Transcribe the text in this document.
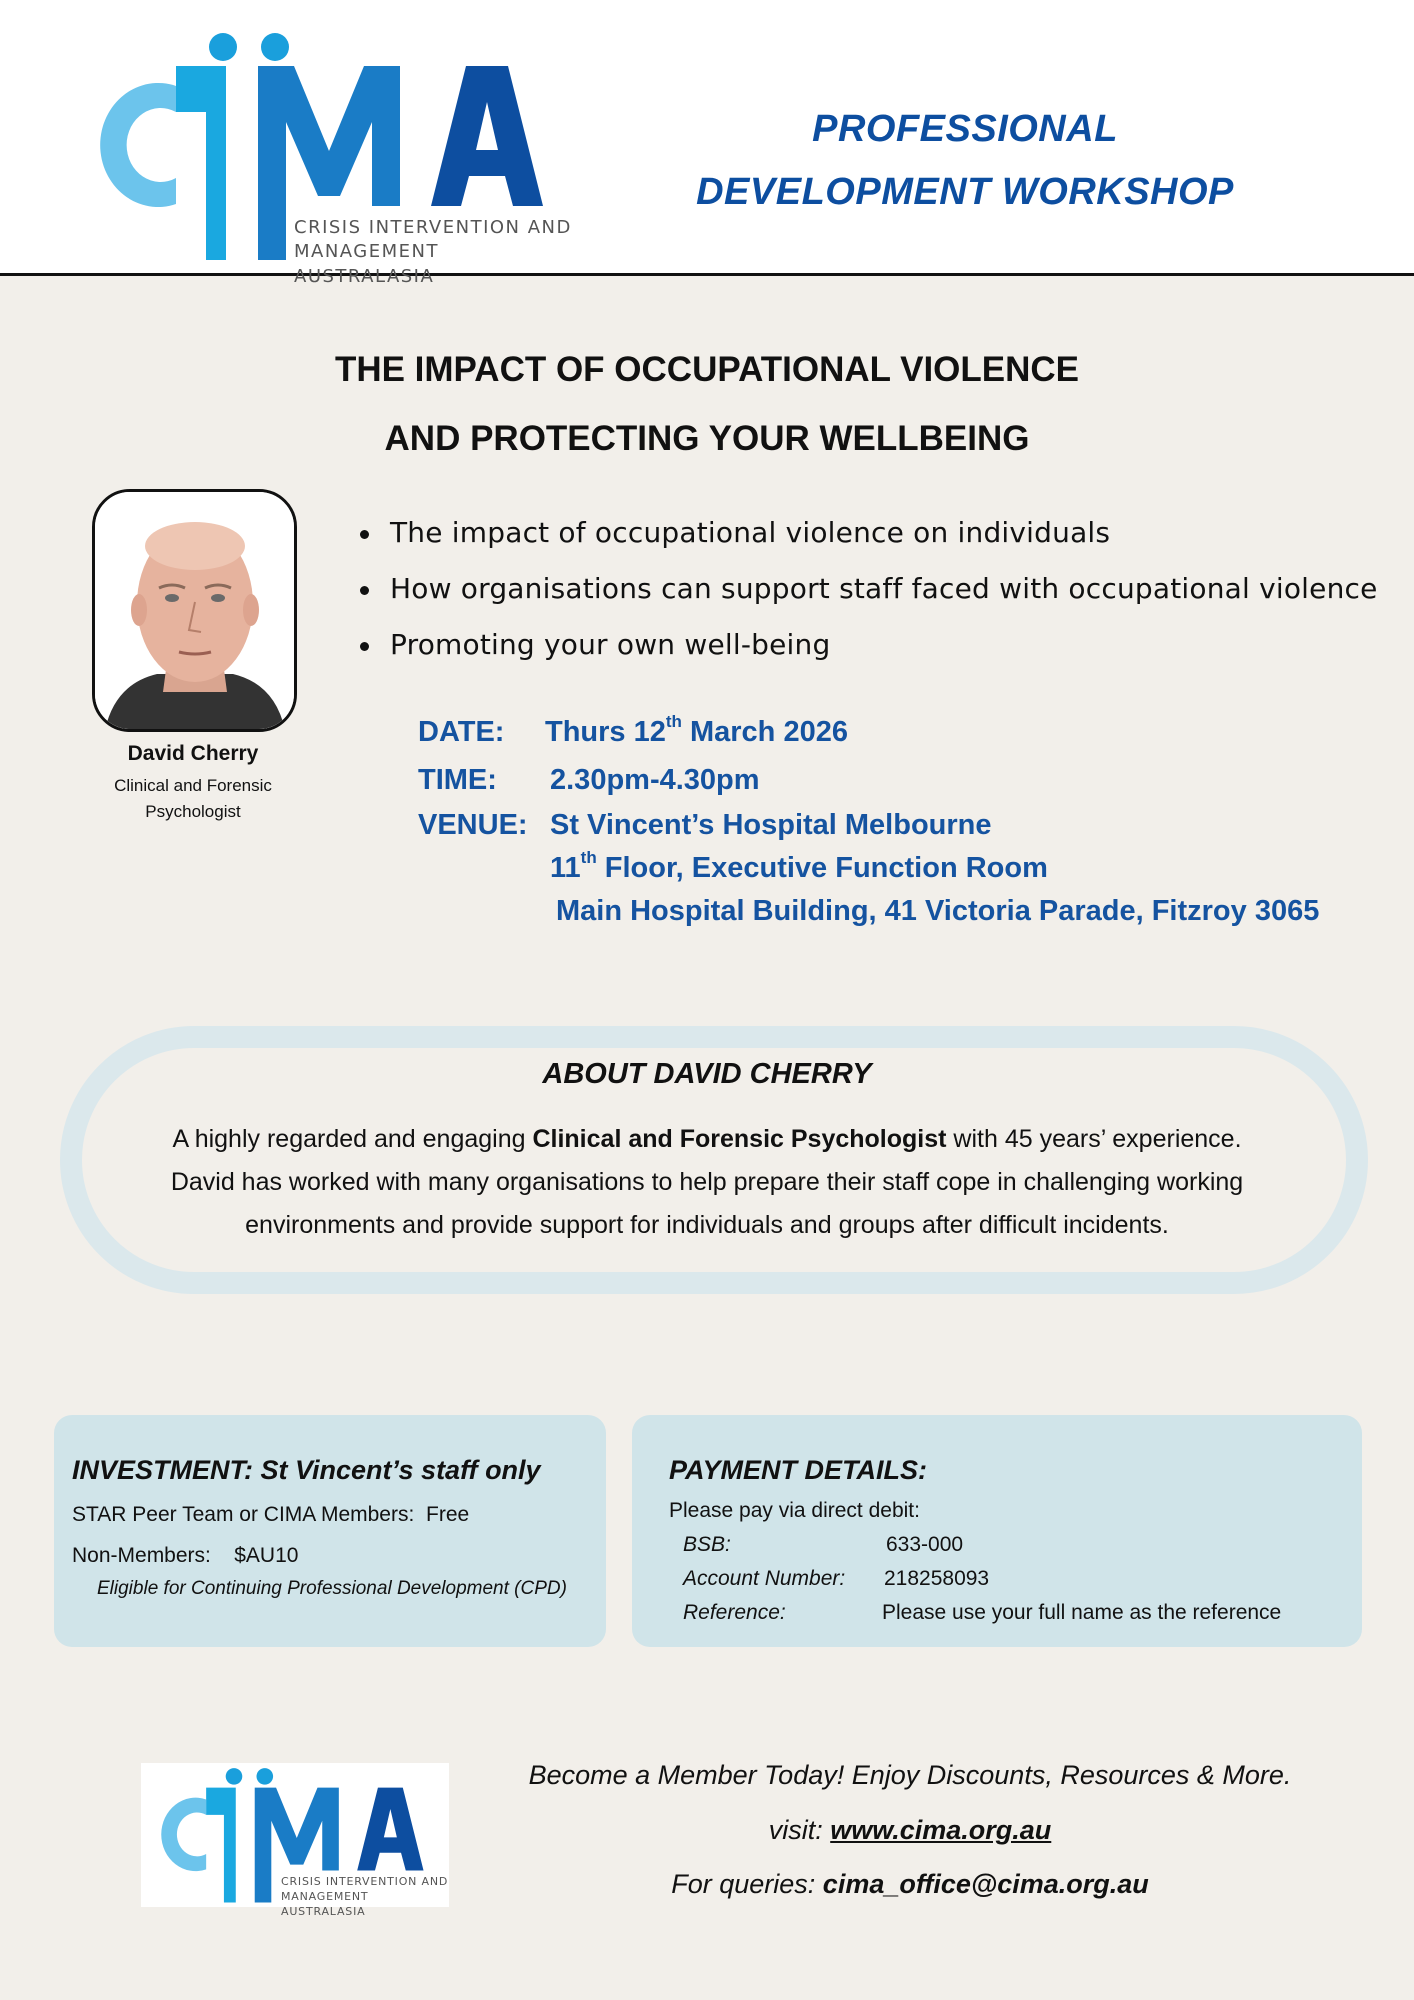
CRISIS INTERVENTION AND
MANAGEMENT AUSTRALASIA
PROFESSIONAL
DEVELOPMENT WORKSHOP
THE IMPACT OF OCCUPATIONAL VIOLENCE
AND PROTECTING YOUR WELLBEING
David Cherry
Clinical and Forensic
Psychologist
The impact of occupational violence on individuals
How organisations can support staff faced with occupational violence
Promoting your own well-being
DATE: Thurs 12th March 2026
TIME: 2.30pm-4.30pm
VENUE: St Vincent’s Hospital Melbourne
11th Floor, Executive Function Room
Main Hospital Building, 41 Victoria Parade, Fitzroy 3065
ABOUT DAVID CHERRY
A highly regarded and engaging Clinical and Forensic Psychologist with 45 years’ experience.
David has worked with many organisations to help prepare their staff cope in challenging working
environments and provide support for individuals and groups after difficult incidents.
INVESTMENT: St Vincent’s staff only
STAR Peer Team or CIMA Members: Free
Non-Members: $AU10
Eligible for Continuing Professional Development (CPD)
PAYMENT DETAILS:
Please pay via direct debit:
BSB:	633-000
Account Number: 218258093
Reference:	Please use your full name as the reference
CRISIS INTERVENTION AND
MANAGEMENT AUSTRALASIA
Become a Member Today! Enjoy Discounts, Resources & More.
visit: www.cima.org.au
For queries: cima_office@cima.org.au
